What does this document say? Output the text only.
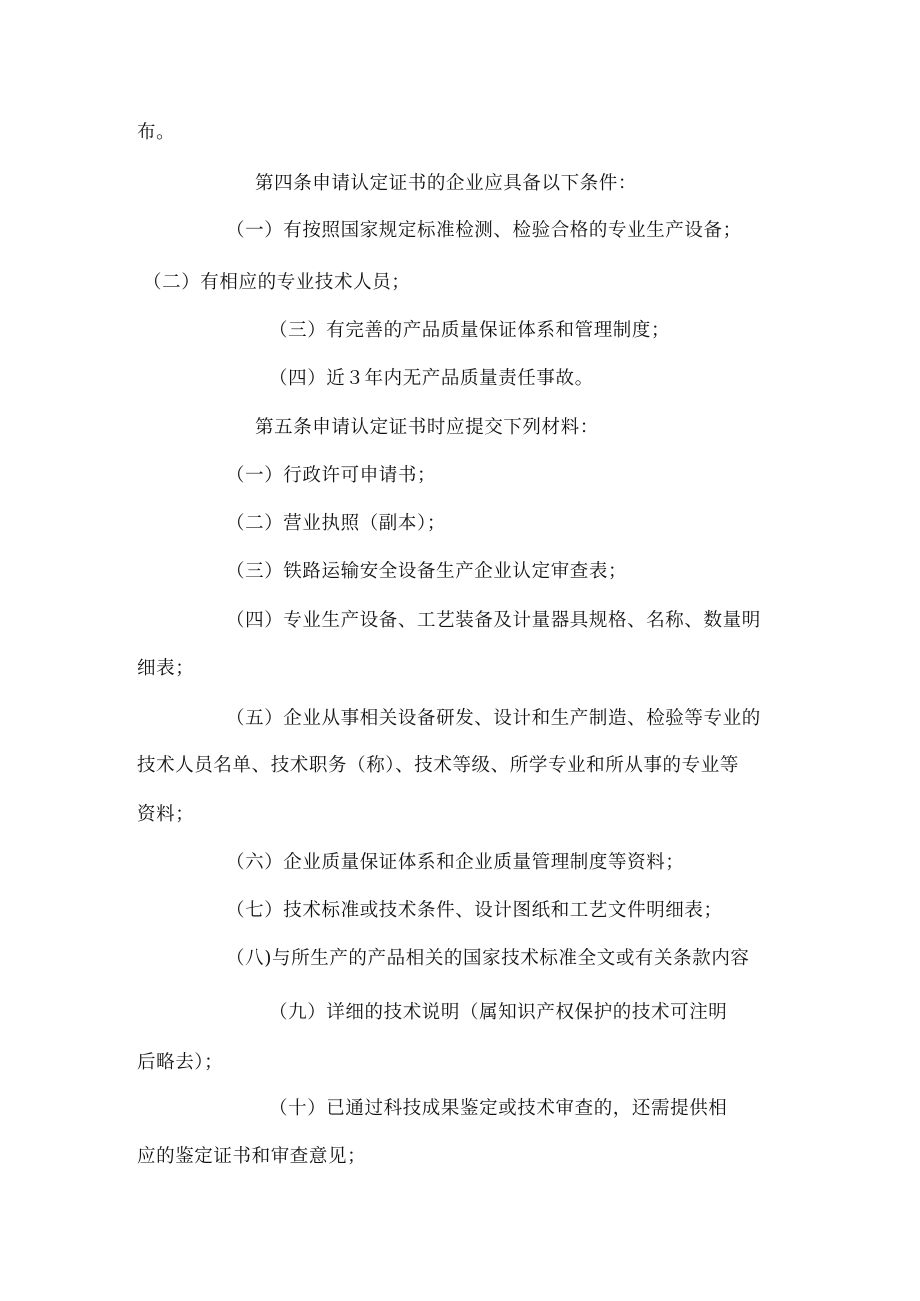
布。
第四条申请认定证书的企业应具备以下条件：
（一）有按照国家规定标准检测、检验合格的专业生产设备；
（二）有相应的专业技术人员；
（三）有完善的产品质量保证体系和管理制度；
（四）近３年内无产品质量责任事故。
第五条申请认定证书时应提交下列材料：
（一）行政许可申请书；
（二）营业执照（副本）；
（三）铁路运输安全设备生产企业认定审查表；
（四）专业生产设备、工艺装备及计量器具规格、名称、数量明
细表；
（五）企业从事相关设备研发、设计和生产制造、检验等专业的
技术人员名单、技术职务（称）、技术等级、所学专业和所从事的专业等
资料；
（六）企业质量保证体系和企业质量管理制度等资料；
（七）技术标准或技术条件、设计图纸和工艺文件明细表；
（八)与所生产的产品相关的国家技术标准全文或有关条款内容
（九）详细的技术说明（属知识产权保护的技术可注明
后略去）；
（十）已通过科技成果鉴定或技术审查的，还需提供相
应的鉴定证书和审查意见；
